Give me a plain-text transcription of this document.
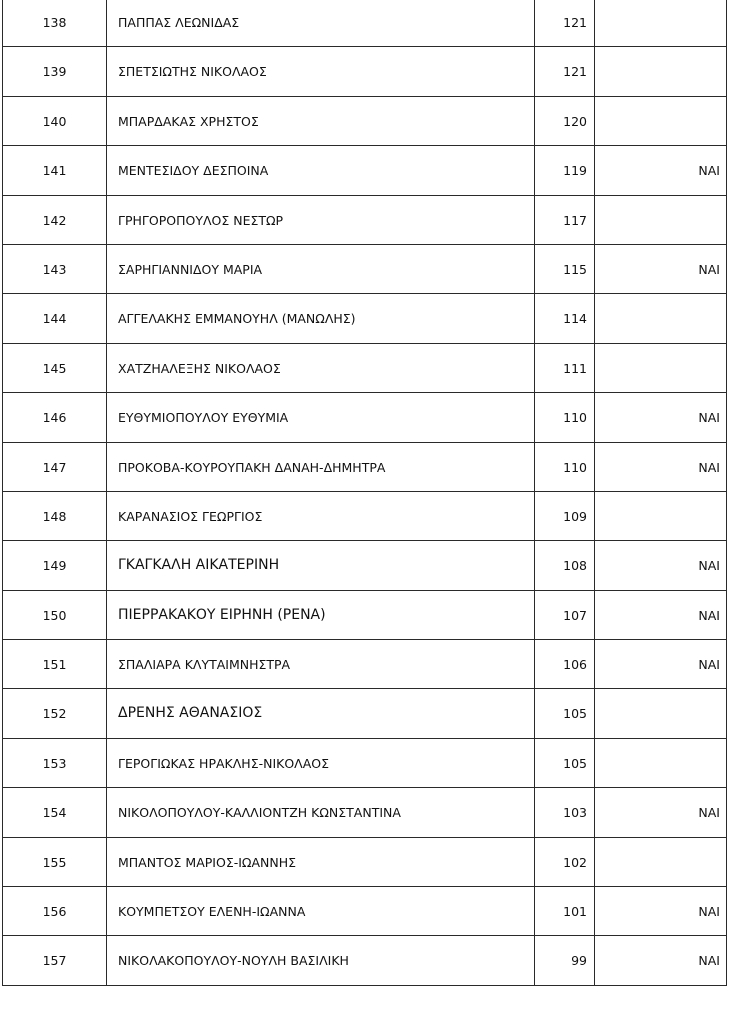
138	ΠΑΠΠΑΣ ΛΕΩΝΙΔΑΣ	121	

139	ΣΠΕΤΣΙΩΤΗΣ ΝΙΚΟΛΑΟΣ	121	

140	ΜΠΑΡΔΑΚΑΣ ΧΡΗΣΤΟΣ	120	

141	ΜΕΝΤΕΣΙΔΟΥ ΔΕΣΠΟΙΝΑ	119	ΝΑΙ

142	ΓΡΗΓΟΡΟΠΟΥΛΟΣ ΝΕΣΤΩΡ	117	

143	ΣΑΡΗΓΙΑΝΝΙΔΟΥ ΜΑΡΙΑ	115	ΝΑΙ

144	ΑΓΓΕΛΑΚΗΣ ΕΜΜΑΝΟΥΗΛ (ΜΑΝΩΛΗΣ)	114	

145	ΧΑΤΖΗΑΛΕΞΗΣ ΝΙΚΟΛΑΟΣ	111	

146	ΕΥΘΥΜΙΟΠΟΥΛΟΥ ΕΥΘΥΜΙΑ	110	ΝΑΙ

147	ΠΡΟΚΟΒΑ-ΚΟΥΡΟΥΠΑΚΗ ΔΑΝΑΗ-ΔΗΜΗΤΡΑ	110	ΝΑΙ

148	ΚΑΡΑΝΑΣΙΟΣ ΓΕΩΡΓΙΟΣ	109	

149	ΓΚΑΓΚΑΛΗ ΑΙΚΑΤΕΡΙΝΗ	108	ΝΑΙ

150	ΠΙΕΡΡΑΚΑΚΟΥ ΕΙΡΗΝΗ (ΡΕΝΑ)	107	ΝΑΙ

151	ΣΠΑΛΙΑΡΑ ΚΛΥΤΑΙΜΝΗΣΤΡΑ	106	ΝΑΙ

152	ΔΡΕΝΗΣ ΑΘΑΝΑΣΙΟΣ	105	

153	ΓΕΡΟΓΙΩΚΑΣ ΗΡΑΚΛΗΣ-ΝΙΚΟΛΑΟΣ	105	

154	ΝΙΚΟΛΟΠΟΥΛΟΥ-ΚΑΛΛΙΟΝΤΖΗ ΚΩΝΣΤΑΝΤΙΝΑ	103	ΝΑΙ

155	ΜΠΑΝΤΟΣ ΜΑΡΙΟΣ-ΙΩΑΝΝΗΣ	102	

156	ΚΟΥΜΠΕΤΣΟΥ ΕΛΕΝΗ-ΙΩΑΝΝΑ	101	ΝΑΙ

157	ΝΙΚΟΛΑΚΟΠΟΥΛΟΥ-ΝΟΥΛΗ ΒΑΣΙΛΙΚΗ	99	ΝΑΙ
